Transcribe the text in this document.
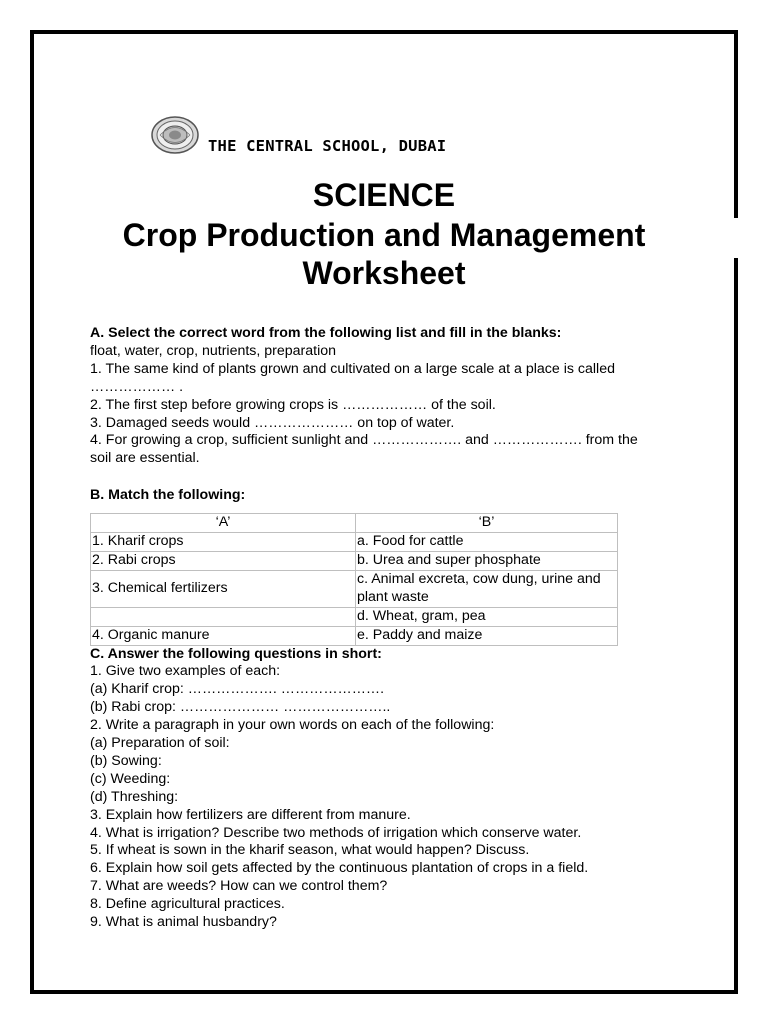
THE CENTRAL SCHOOL, DUBAI
SCIENCE
Crop Production and Management
Worksheet

A. Select the correct word from the following list and fill in the blanks:

float, water, crop, nutrients, preparation

1. The same kind of plants grown and cultivated on a large scale at a place is called

……………… .

2. The first step before growing crops is ……………… of the soil.

3. Damaged seeds would ………………… on top of water.

4. For growing a crop, sufficient sunlight and ………………. and ………………. from the

soil are essential.

B. Match the following:

‘A’	‘B’
1. Kharif crops	a. Food for cattle
2. Rabi crops	b. Urea and super phosphate
3. Chemical fertilizers	c. Animal excreta, cow dung, urine and plant waste
	d. Wheat, gram, pea
4. Organic manure	e. Paddy and maize

C. Answer the following questions in short:

1. Give two examples of each:

(a) Kharif crop: ………………. ………………….

(b) Rabi crop: ………………… …………………..

2. Write a paragraph in your own words on each of the following:

(a) Preparation of soil:

(b) Sowing:

(c) Weeding:

(d) Threshing:

3. Explain how fertilizers are different from manure.

4. What is irrigation? Describe two methods of irrigation which conserve water.

5. If wheat is sown in the kharif season, what would happen? Discuss.

6. Explain how soil gets affected by the continuous plantation of crops in a field.

7. What are weeds? How can we control them?

8. Define agricultural practices.

9. What is animal husbandry?
